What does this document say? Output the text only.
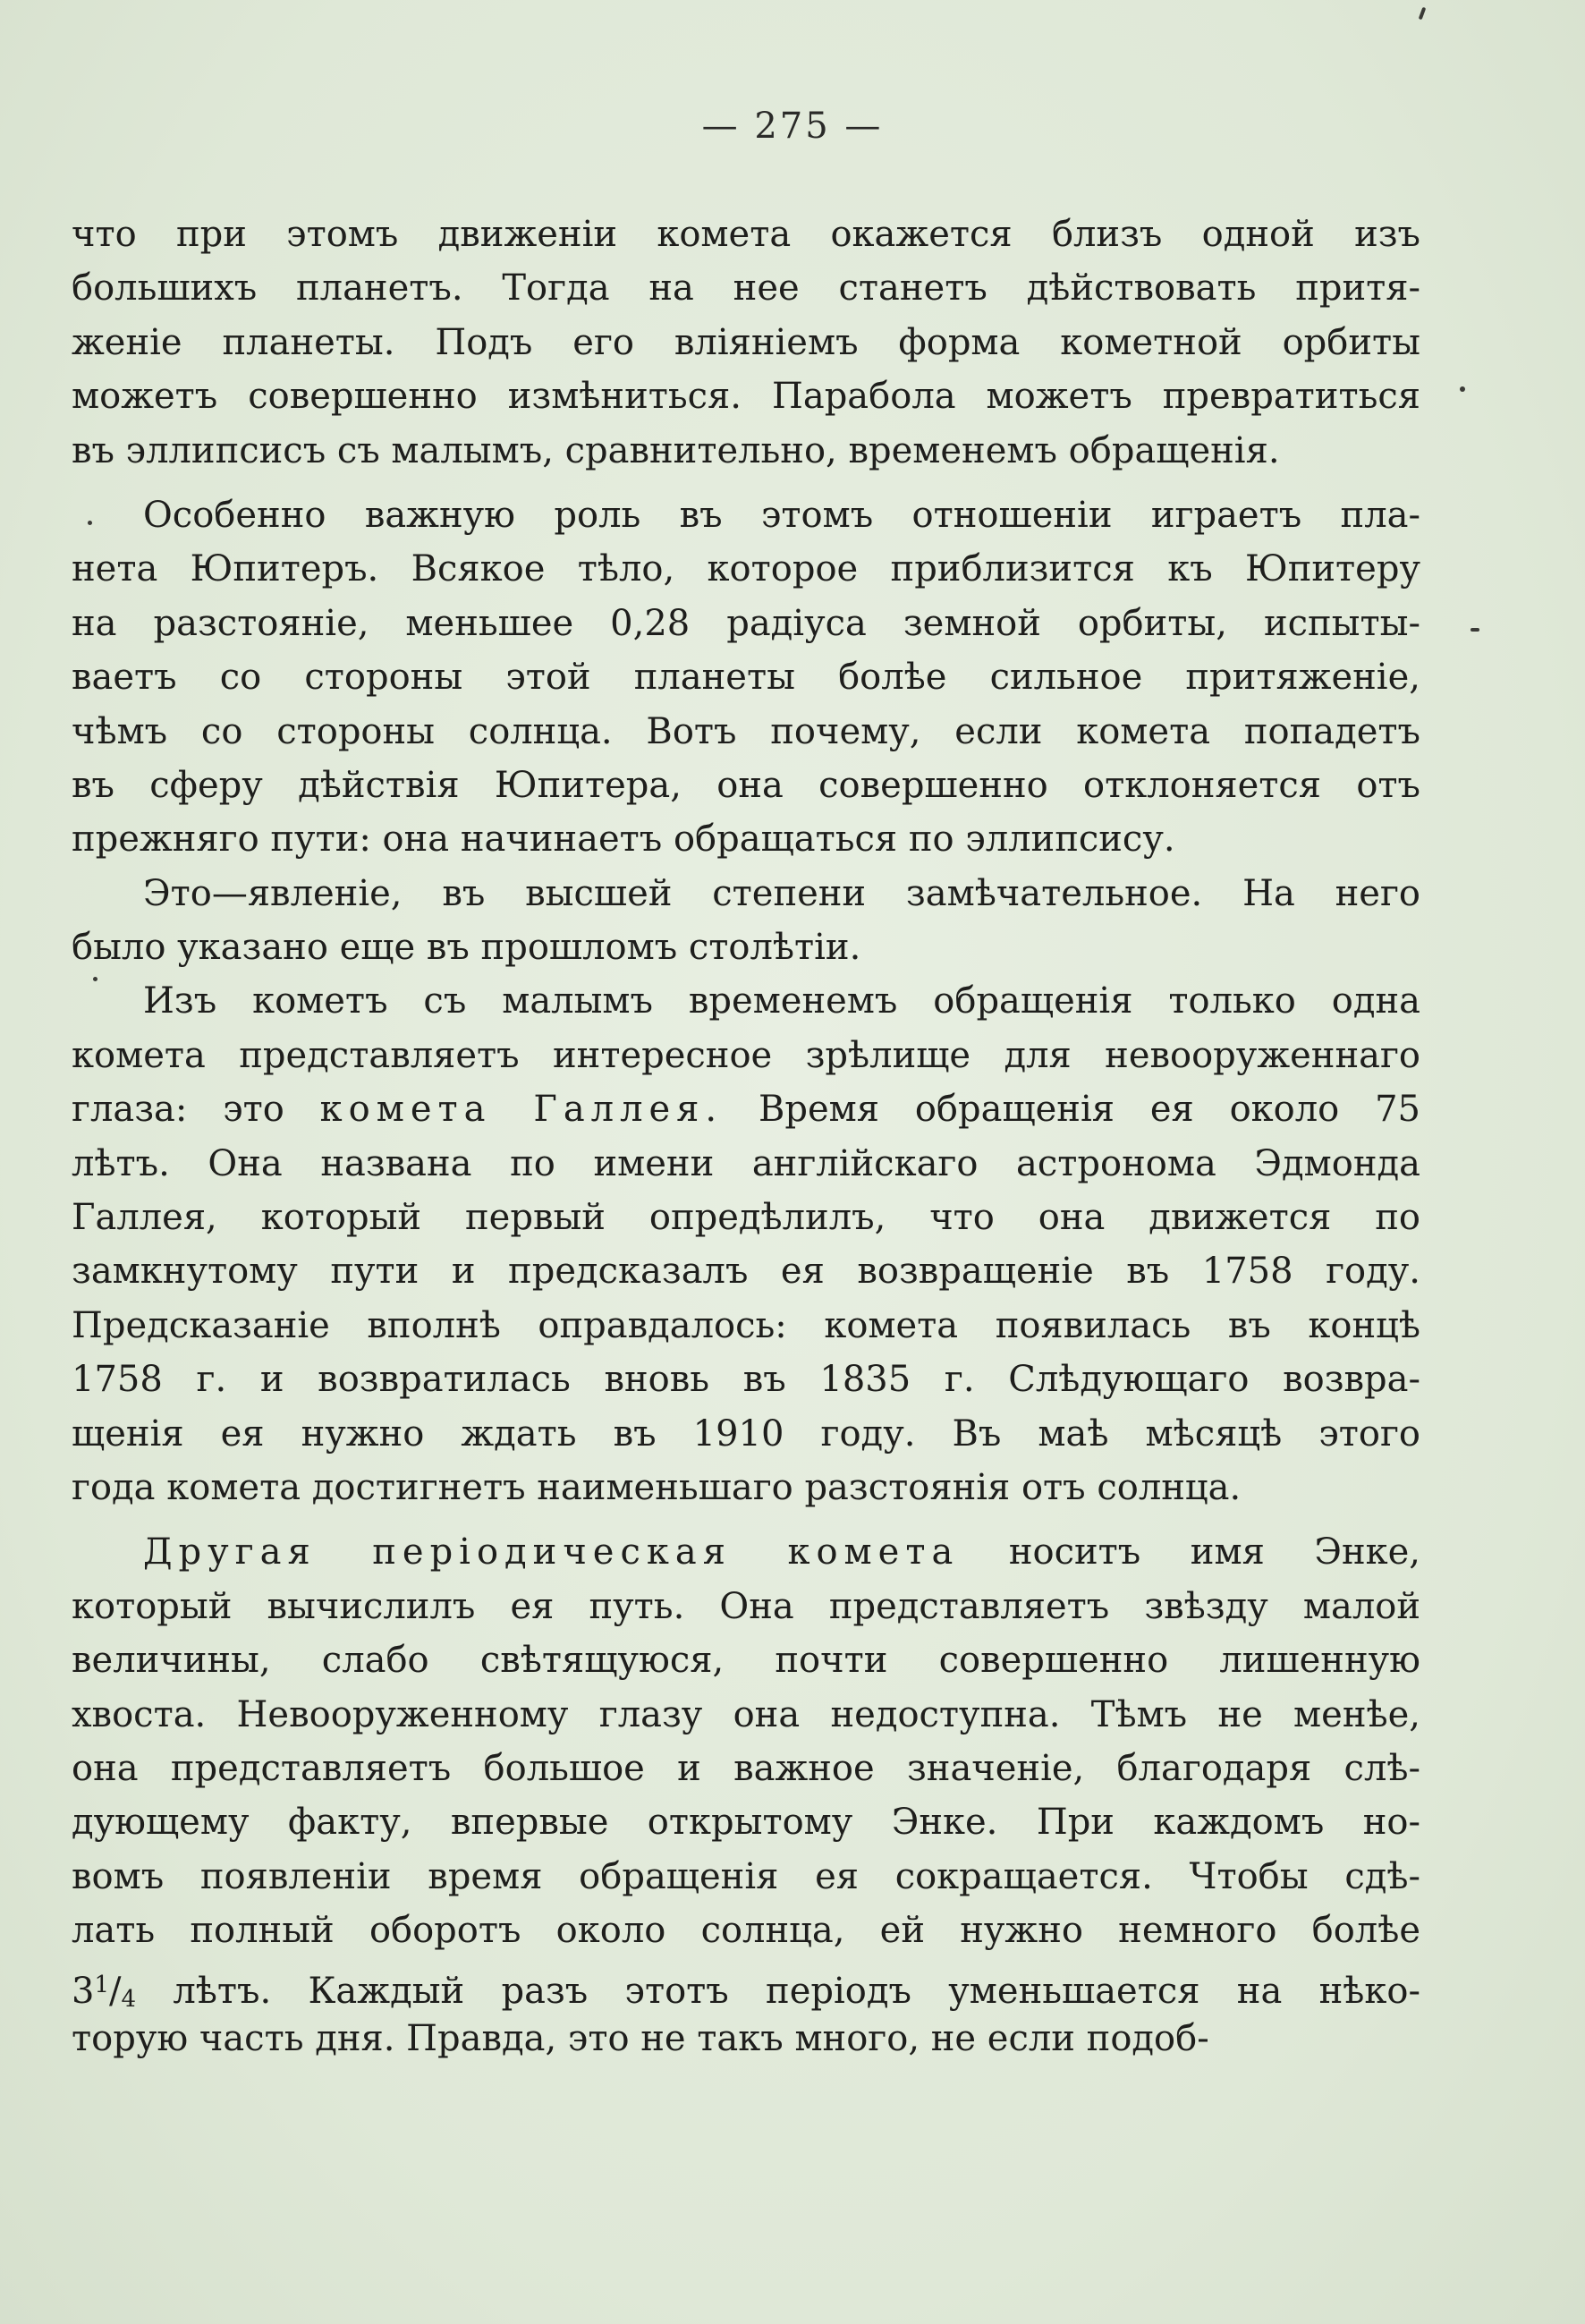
— 275 —
что при этомъ движеніи комета окажется близъ одной изъ
большихъ планетъ. Тогда на нее станетъ дѣйствовать притя-
женіе планеты. Подъ его вліяніемъ форма кометной орбиты
можетъ совершенно измѣниться. Парабола можетъ превратиться
въ эллипсисъ съ малымъ, сравнительно, временемъ обращенія.
Особенно важную роль въ этомъ отношеніи играетъ пла-
нета Юпитеръ. Всякое тѣло, которое приблизится къ Юпитеру
на разстояніе, меньшее 0,28 радіуса земной орбиты, испыты-
ваетъ со стороны этой планеты болѣе сильное притяженіе,
чѣмъ со стороны солнца. Вотъ почему, если комета попадетъ
въ сферу дѣйствія Юпитера, она совершенно отклоняется отъ
прежняго пути: она начинаетъ обращаться по эллипсису.
Это—явленіе, въ высшей степени замѣчательное. На него
было указано еще въ прошломъ столѣтіи.
Изъ кометъ съ малымъ временемъ обращенія только одна
комета представляетъ интересное зрѣлище для невооруженнаго
глаза: это кометa Галлея. Время обращенія ея около 75
лѣтъ. Она названа по имени англійскаго астронома Эдмонда
Галлея, который первый опредѣлилъ, что она движется по
замкнутому пути и предсказалъ ея возвращеніе въ 1758 году.
Предсказаніе вполнѣ оправдалось: комета появилась въ концѣ
1758 г. и возвратилась вновь въ 1835 г. Слѣдующаго возвра-
щенія ея нужно ждать въ 1910 году. Въ маѣ мѣсяцѣ этого
года комета достигнетъ наименьшаго разстоянія отъ солнца.
Другая періодическая комета носитъ имя Энке,
который вычислилъ ея путь. Она представляетъ звѣзду малой
величины, слабо свѣтящуюся, почти совершенно лишенную
хвоста. Невооруженному глазу она недоступна. Тѣмъ не менѣе,
она представляетъ большое и важное значеніе, благодаря слѣ-
дующему факту, впервые открытому Энке. При каждомъ но-
вомъ появленіи время обращенія ея сокращается. Чтобы сдѣ-
лать полный оборотъ около солнца, ей нужно немного болѣе
$3^1/4$ лѣтъ. Каждый разъ этотъ періодъ уменьшается на нѣко-
торую часть дня. Правда, это не такъ много, не если подоб-
